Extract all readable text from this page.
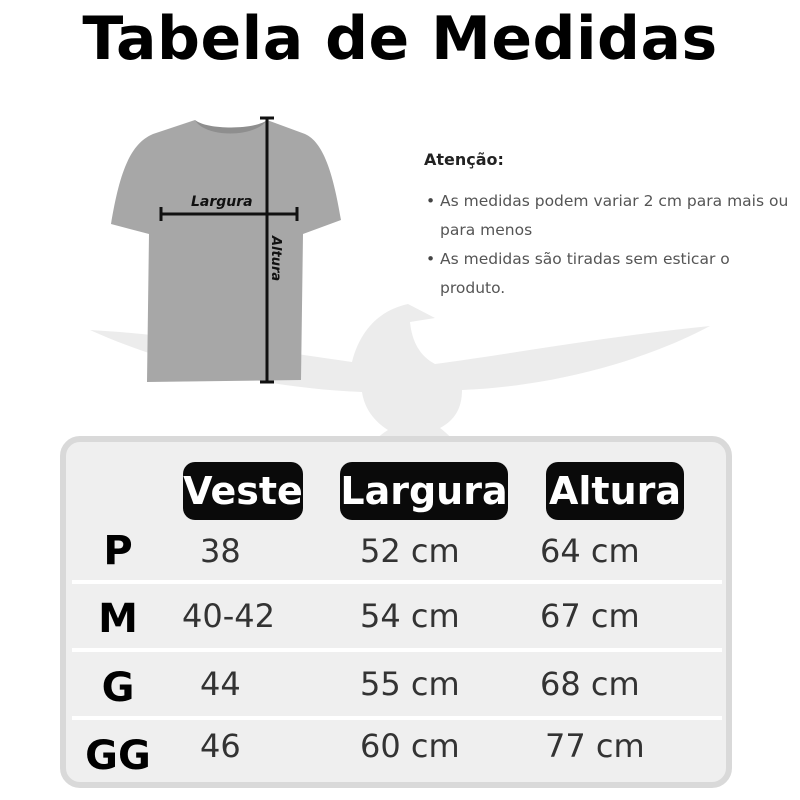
Tabela de Medidas
Largura
Altura
Atenção:
• As medidas podem variar 2 cm para mais ou para menos
• As medidas são tiradas sem esticar o produto.
Veste Largura Altura
P 38	52 cm	64 cm
M 40-42	54 cm	67 cm
G 44	55 cm	68 cm
GG 46	60 cm	77 cm
